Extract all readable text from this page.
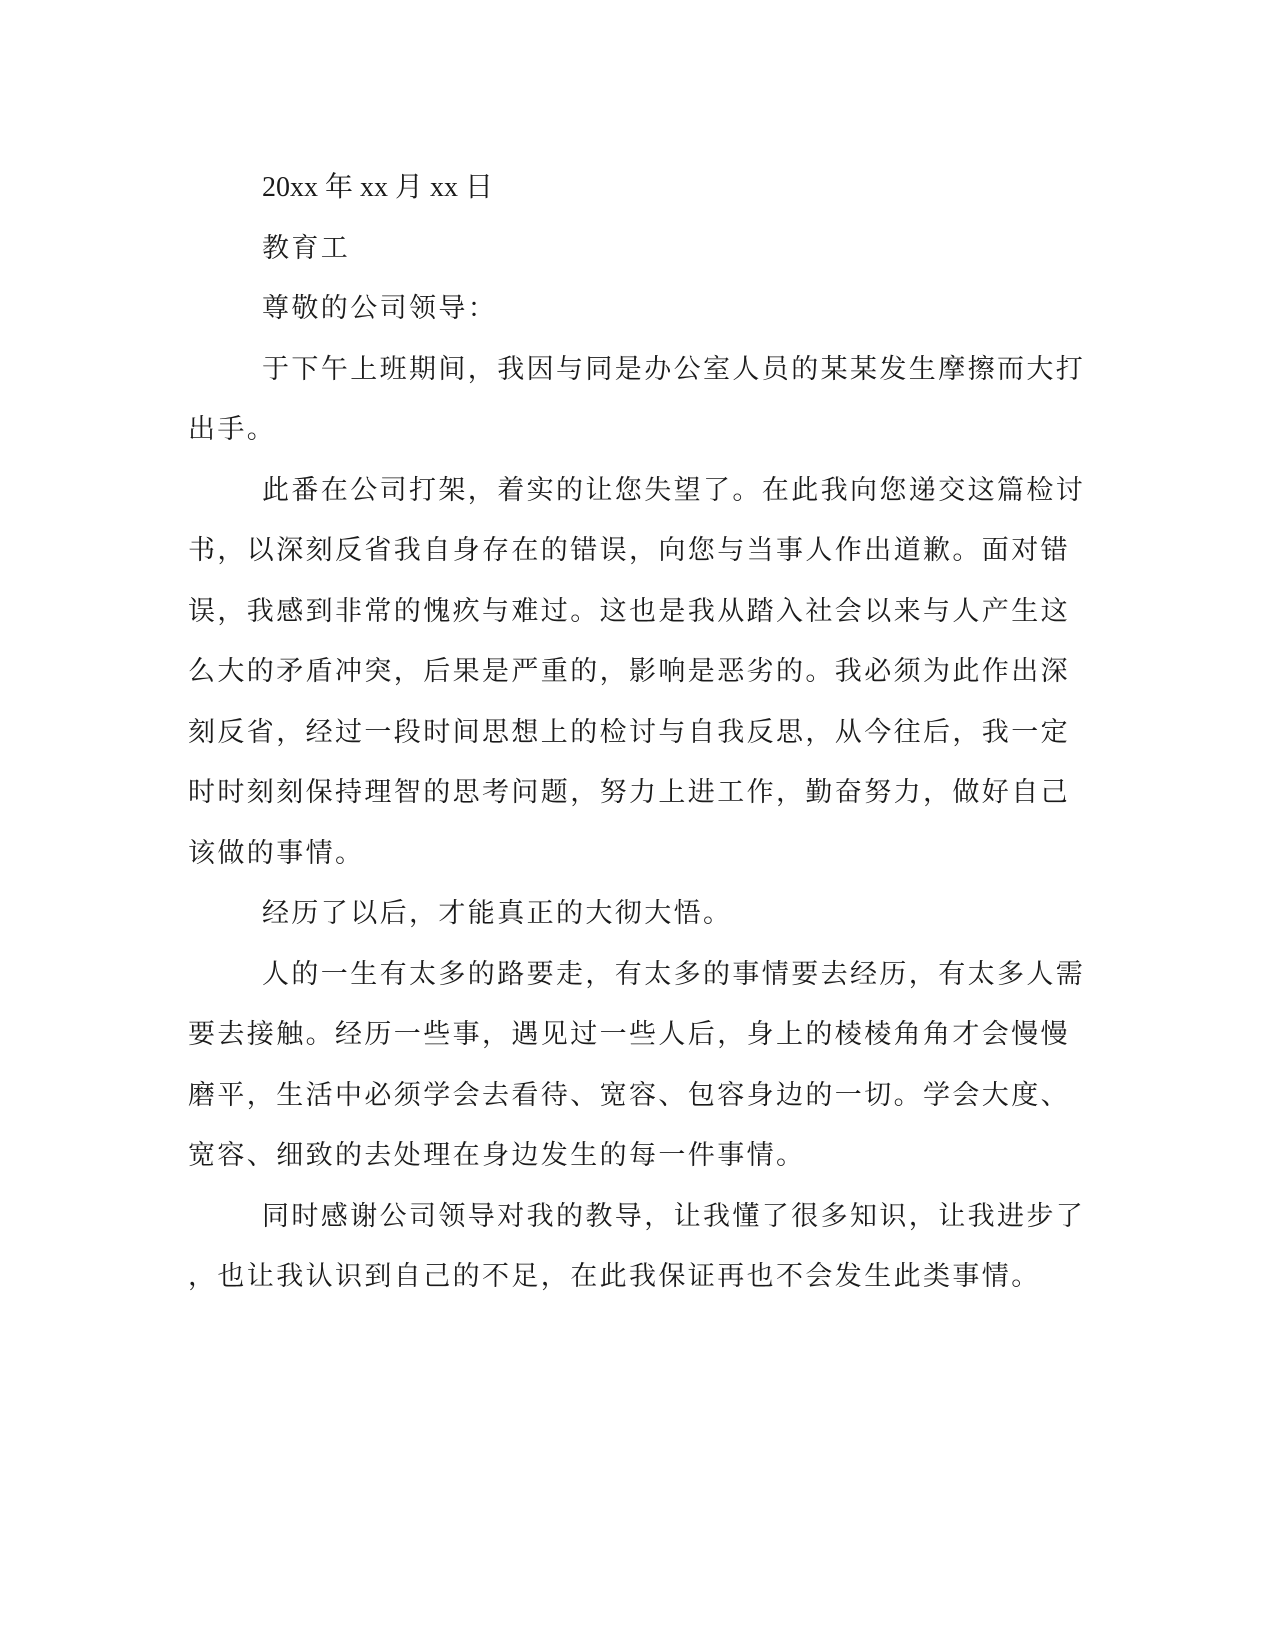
20xx 年 xx 月 xx 日
教育工
尊敬的公司领导：
于下午上班期间，我因与同是办公室人员的某某发生摩擦而大打
出手。
此番在公司打架，着实的让您失望了。在此我向您递交这篇检讨
书，以深刻反省我自身存在的错误，向您与当事人作出道歉。面对错
误，我感到非常的愧疚与难过。这也是我从踏入社会以来与人产生这
么大的矛盾冲突，后果是严重的，影响是恶劣的。我必须为此作出深
刻反省，经过一段时间思想上的检讨与自我反思，从今往后，我一定
时时刻刻保持理智的思考问题，努力上进工作，勤奋努力，做好自己
该做的事情。
经历了以后，才能真正的大彻大悟。
人的一生有太多的路要走，有太多的事情要去经历，有太多人需
要去接触。经历一些事，遇见过一些人后，身上的棱棱角角才会慢慢
磨平，生活中必须学会去看待、宽容、包容身边的一切。学会大度、
宽容、细致的去处理在身边发生的每一件事情。
同时感谢公司领导对我的教导，让我懂了很多知识，让我进步了
，也让我认识到自己的不足，在此我保证再也不会发生此类事情。
